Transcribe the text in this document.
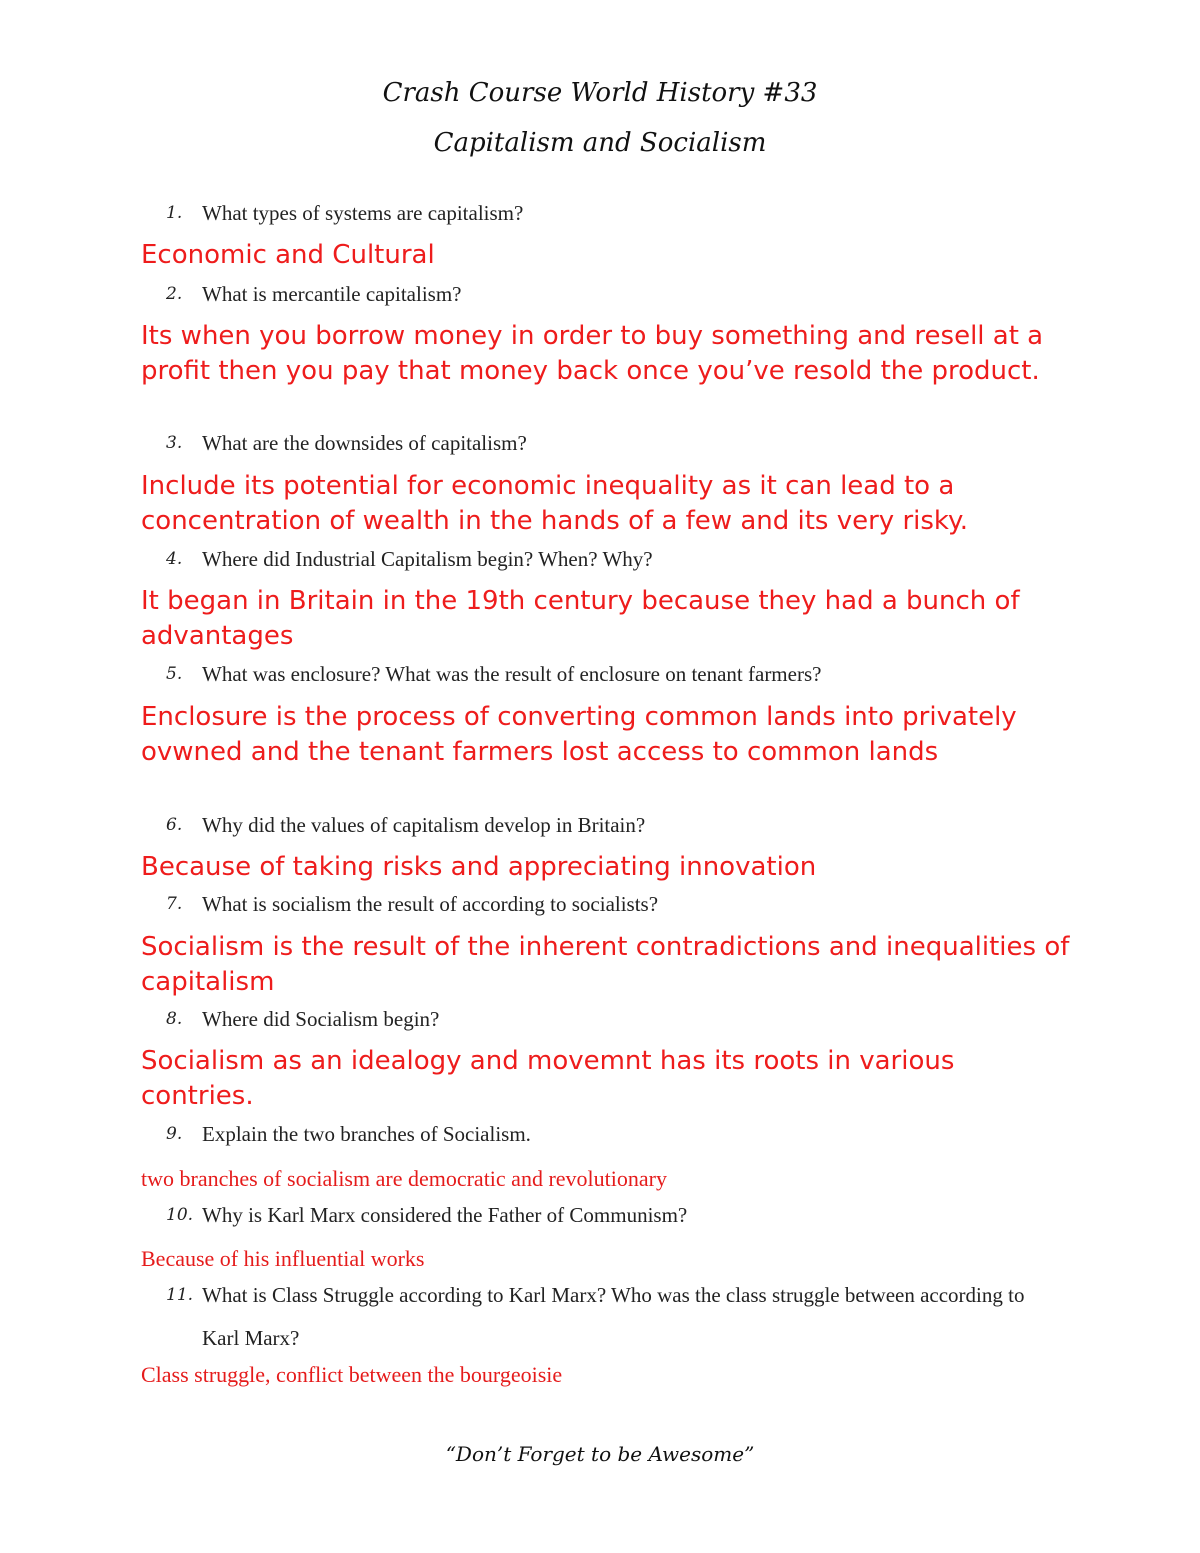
Crash Course World History #33
Capitalism and Socialism
1. What types of systems are capitalism?
Economic and Cultural
2. What is mercantile capitalism?
Its when you borrow money in order to buy something and resell at a profit then you pay that money back once you’ve resold the product.
3. What are the downsides of capitalism?
Include its potential for economic inequality as it can lead to a concentration of wealth in the hands of a few and its very risky.
4. Where did Industrial Capitalism begin? When? Why?
It began in Britain in the 19th century because they had a bunch of advantages
5. What was enclosure? What was the result of enclosure on tenant farmers?
Enclosure is the process of converting common lands into privately ovwned and the tenant farmers lost access to common lands
6. Why did the values of capitalism develop in Britain?
Because of taking risks and appreciating innovation
7. What is socialism the result of according to socialists?
Socialism is the result of the inherent contradictions and inequalities of capitalism
8. Where did Socialism begin?
Socialism as an idealogy and movemnt has its roots in various contries.
9. Explain the two branches of Socialism.
two branches of socialism are democratic and revolutionary
10. Why is Karl Marx considered the Father of Communism?
Because of his influential works
11. What is Class Struggle according to Karl Marx? Who was the class struggle between according to Karl Marx?
Class struggle, conflict between the bourgeoisie
“Don’t Forget to be Awesome”
